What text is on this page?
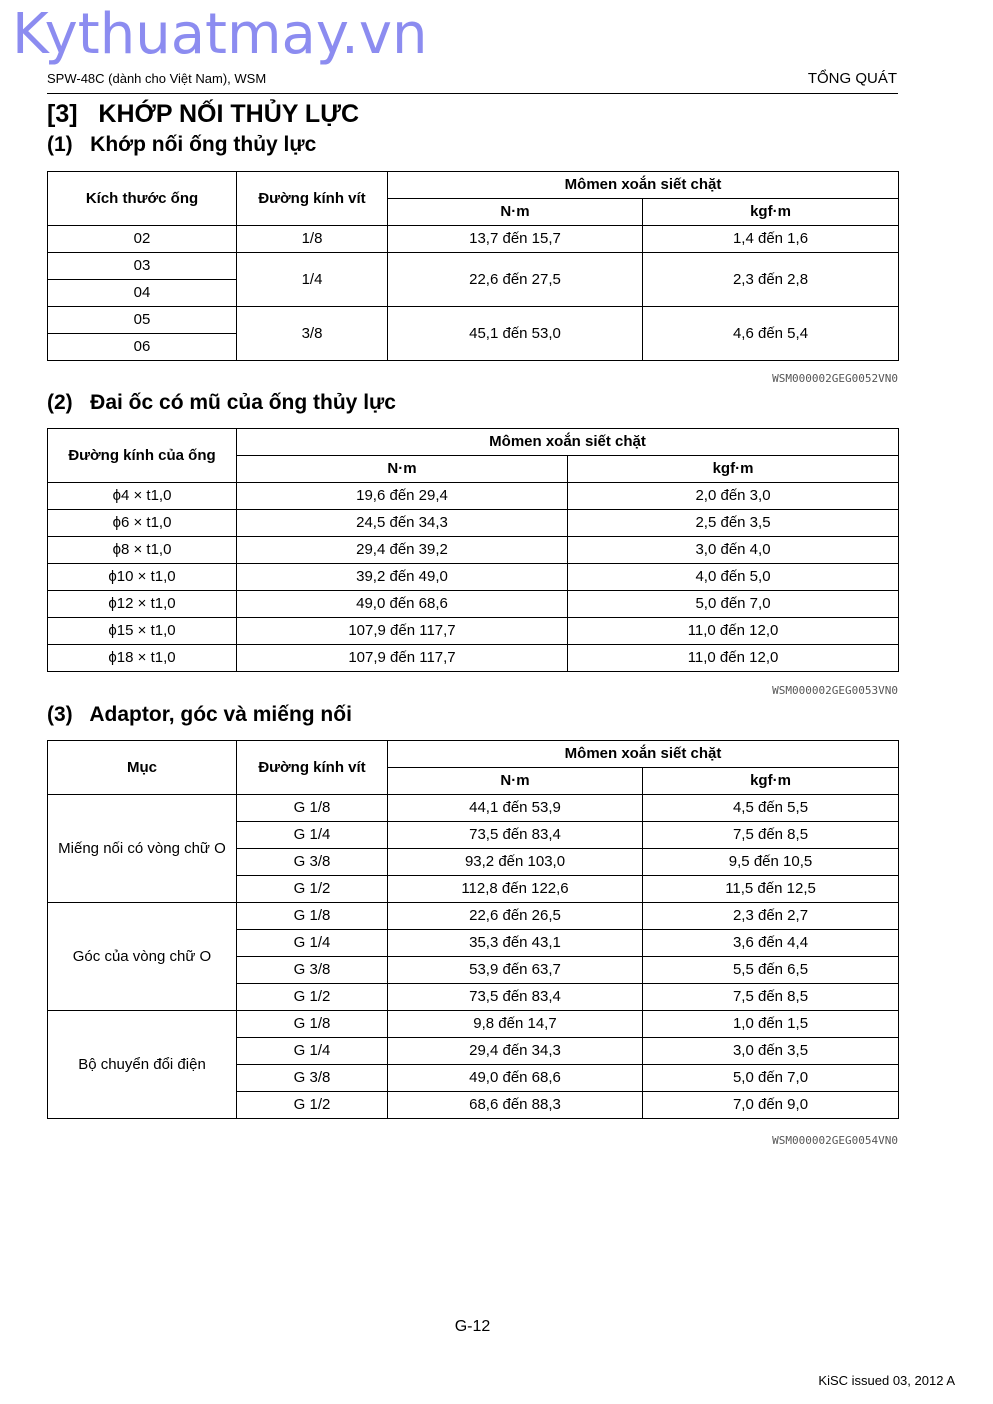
Kythuatmay.vn
SPW-48C (dành cho Việt Nam), WSM	TỔNG QUÁT
[3]   KHỚP NỐI THỦY LỰC
(1)   Khớp nối ống thủy lực
Kích thước ống	Đường kính vít	Mômen xoắn siết chặt	
		N·m	kgf·m
02	1/8	13,7 đến 15,7	1,4 đến 1,6
03	1/4	22,6 đến 27,5	2,3 đến 2,8
04			
05	3/8	45,1 đến 53,0	4,6 đến 5,4
06			
WSM000002GEG0052VN0
(2)   Đai ốc có mũ của ống thủy lực
Đường kính của ống	Mômen xoắn siết chặt	
	N·m	kgf·m
ϕ4 × t1,0	19,6 đến 29,4	2,0 đến 3,0
ϕ6 × t1,0	24,5 đến 34,3	2,5 đến 3,5
ϕ8 × t1,0	29,4 đến 39,2	3,0 đến 4,0
ϕ10 × t1,0	39,2 đến 49,0	4,0 đến 5,0
ϕ12 × t1,0	49,0 đến 68,6	5,0 đến 7,0
ϕ15 × t1,0	107,9 đến 117,7	11,0 đến 12,0
ϕ18 × t1,0	107,9 đến 117,7	11,0 đến 12,0
WSM000002GEG0053VN0
(3)   Adaptor, góc và miếng nối
Mục	Đường kính vít	Mômen xoắn siết chặt	
		N·m	kgf·m
Miếng nối có vòng chữ O	G 1/8	44,1 đến 53,9	4,5 đến 5,5
	G 1/4	73,5 đến 83,4	7,5 đến 8,5
	G 3/8	93,2 đến 103,0	9,5 đến 10,5
	G 1/2	112,8 đến 122,6	11,5 đến 12,5
Góc của vòng chữ O	G 1/8	22,6 đến 26,5	2,3 đến 2,7
	G 1/4	35,3 đến 43,1	3,6 đến 4,4
	G 3/8	53,9 đến 63,7	5,5 đến 6,5
	G 1/2	73,5 đến 83,4	7,5 đến 8,5
Bộ chuyển đổi điện	G 1/8	9,8 đến 14,7	1,0 đến 1,5
	G 1/4	29,4 đến 34,3	3,0 đến 3,5
	G 3/8	49,0 đến 68,6	5,0 đến 7,0
	G 1/2	68,6 đến 88,3	7,0 đến 9,0
WSM000002GEG0054VN0
G-12
KiSC issued 03, 2012 A
